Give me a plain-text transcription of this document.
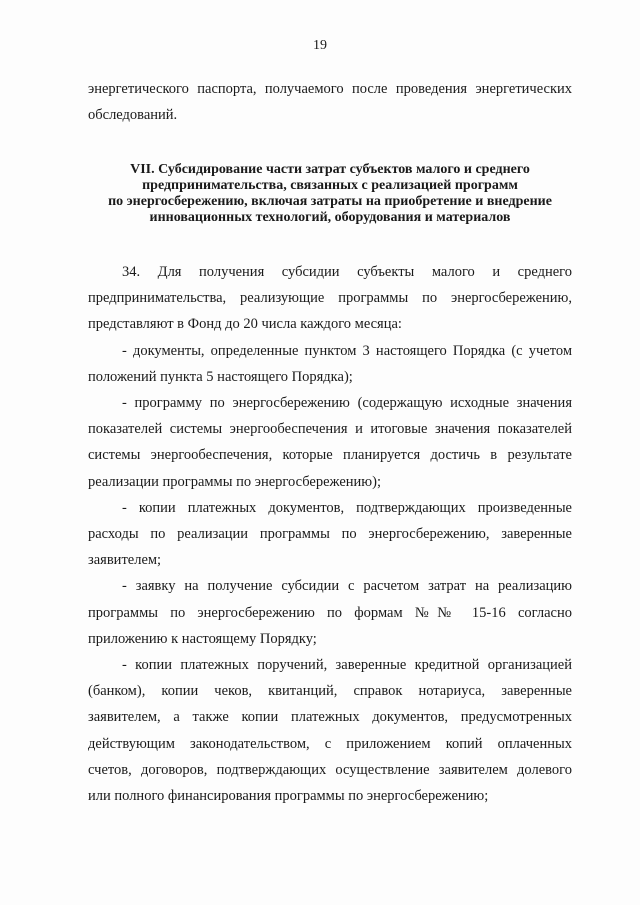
19
энергетического паспорта, получаемого после проведения энергетических
обследований.
VII. Субсидирование части затрат субъектов малого и среднего
предпринимательства, связанных с реализацией программ
по энергосбережению, включая затраты на приобретение и внедрение
инновационных технологий, оборудования и материалов

34. Для получения субсидии субъекты малого и среднего
предпринимательства, реализующие программы по энергосбережению,
представляют в Фонд до 20 числа каждого месяца:

- документы, определенные пунктом 3 настоящего Порядка (с учетом
положений пункта 5 настоящего Порядка);

- программу по энергосбережению (содержащую исходные значения
показателей системы энергообеспечения и итоговые значения показателей
системы энергообеспечения, которые планируется достичь в результате
реализации программы по энергосбережению);

- копии платежных документов, подтверждающих произведенные
расходы по реализации программы по энергосбережению, заверенные
заявителем;

- заявку на получение субсидии с расчетом затрат на реализацию
программы по энергосбережению по формам №№ 15-16 согласно
приложению к настоящему Порядку;

- копии платежных поручений, заверенные кредитной организацией
(банком), копии чеков, квитанций, справок нотариуса, заверенные
заявителем, а также копии платежных документов, предусмотренных
действующим законодательством, с приложением копий оплаченных
счетов, договоров, подтверждающих осуществление заявителем долевого
или полного финансирования программы по энергосбережению;
